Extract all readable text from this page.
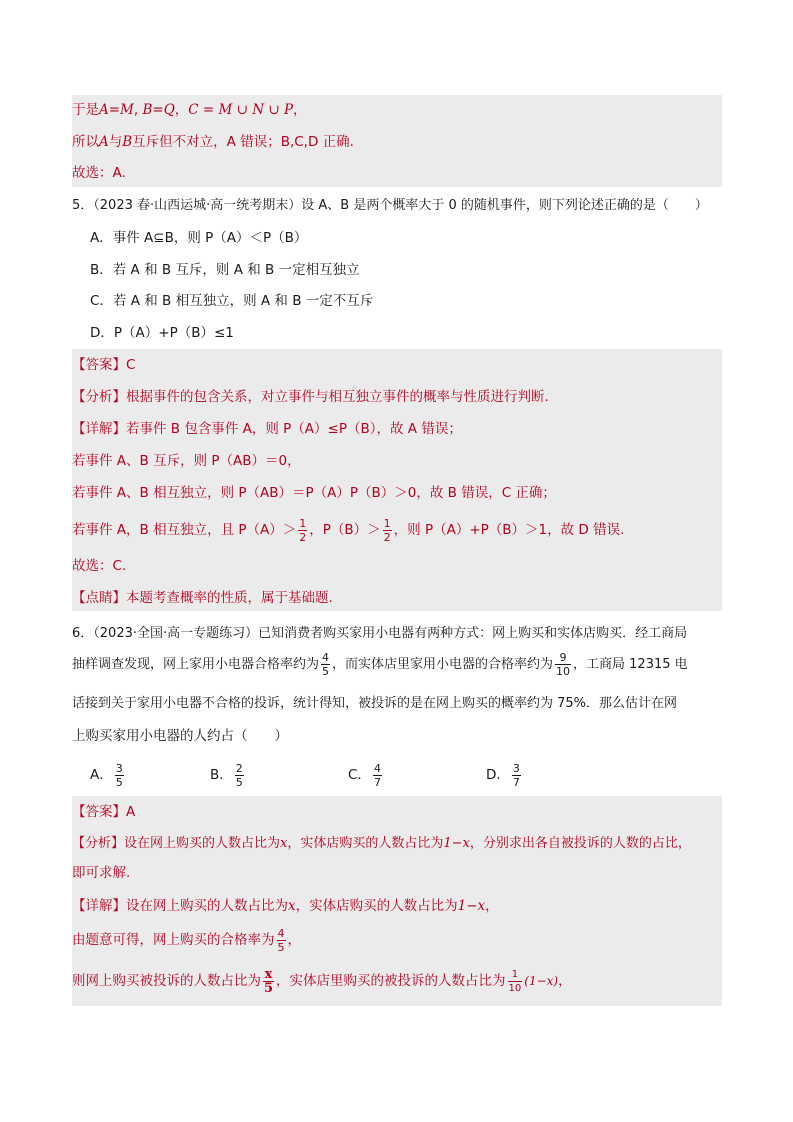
于是A=M, B=Q，C = M ∪ N ∪ P，
所以A与B互斥但不对立，A 错误；B,C,D 正确.
故选：A.
5．（2023 春·山西运城·高一统考期末）设 A、B 是两个概率大于 0 的随机事件，则下列论述正确的是（　　）
A．事件 A⊆B，则 P（A）＜P（B）
B．若 A 和 B 互斥，则 A 和 B 一定相互独立
C．若 A 和 B 相互独立，则 A 和 B 一定不互斥
D．P（A）+P（B）≤1
【答案】C
【分析】根据事件的包含关系，对立事件与相互独立事件的概率与性质进行判断.
【详解】若事件 B 包含事件 A，则 P（A）≤P（B），故 A 错误；
若事件 A、B 互斥，则 P（AB）＝0，
若事件 A、B 相互独立，则 P（AB）＝P（A）P（B）＞0，故 B 错误，C 正确；
若事件 A，B 相互独立，且 $P(A)> \frac{1}{2}$ ，$P(B)> \frac{1}{2}$ ，则 P（A）+P（B）＞1，故 D 错误.
故选：C.
【点睛】本题考查概率的性质，属于基础题.
6．（2023·全国·高一专题练习）已知消费者购买家用小电器有两种方式：网上购买和实体店购买．经工商局
抽样调查发现，网上家用小电器合格率约为 $\frac{4}{5}$ ，而实体店里家用小电器的合格率约为 $\frac{9}{10}$ ，工商局 12315 电
话接到关于家用小电器不合格的投诉，统计得知，被投诉的是在网上购买的概率约为 75%．那么估计在网
上购买家用小电器的人约占（　　）
A． $\frac{3}{5}$	B． $\frac{2}{5}$	C． $\frac{4}{7}$	D． $\frac{3}{7}$
【答案】A
【分析】设在网上购买的人数占比为x，实体店购买的人数占比为1−x，分别求出各自被投诉的人数的占比，
即可求解.
【详解】设在网上购买的人数占比为x，实体店购买的人数占比为1−x，
由题意可得，网上购买的合格率为 $\frac{4}{5}$ ，
则网上购买被投诉的人数占比为 $\frac{x}{5}$ ，实体店里购买的被投诉的人数占比为 $\frac{1}{10} (1-x)$，
